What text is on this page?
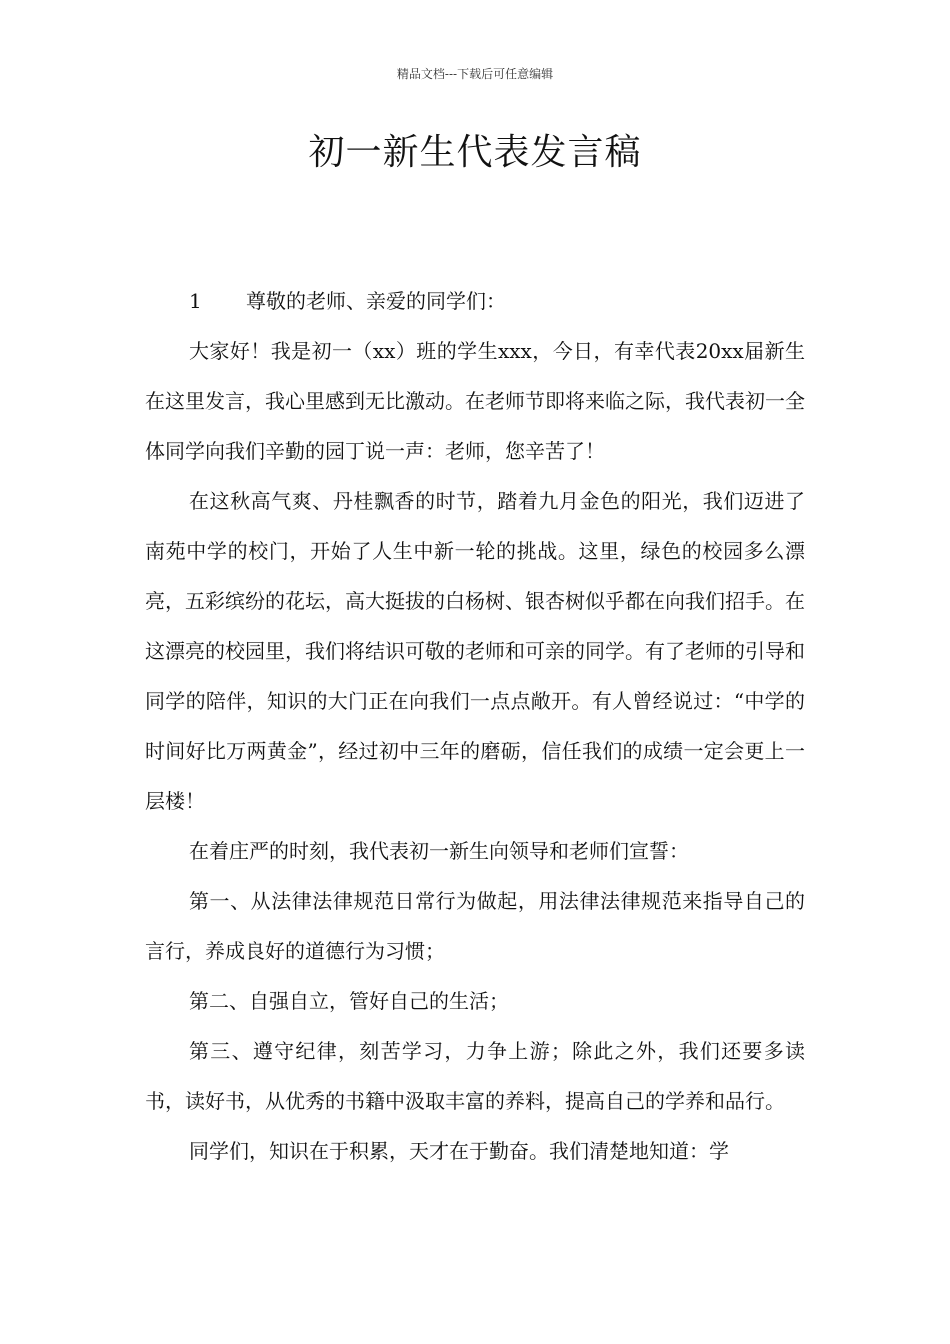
精品文档---下载后可任意编辑

初一新生代表发言稿

1 尊敬的老师、亲爱的同学们：

大家好！我是初一（xx）班的学生xxx，今日，有幸代表20xx届新生在这里发言，我心里感到无比激动。在老师节即将来临之际，我代表初一全体同学向我们辛勤的园丁说一声：老师，您辛苦了！

在这秋高气爽、丹桂飘香的时节，踏着九月金色的阳光，我们迈进了南苑中学的校门，开始了人生中新一轮的挑战。这里，绿色的校园多么漂亮，五彩缤纷的花坛，高大挺拔的白杨树、银杏树似乎都在向我们招手。在这漂亮的校园里，我们将结识可敬的老师和可亲的同学。有了老师的引导和同学的陪伴，知识的大门正在向我们一点点敞开。有人曾经说过：“中学的时间好比万两黄金”，经过初中三年的磨砺，信任我们的成绩一定会更上一层楼！

在着庄严的时刻，我代表初一新生向领导和老师们宣誓：

第一、从法律法律规范日常行为做起，用法律法律规范来指导自己的言行，养成良好的道德行为习惯；

第二、自强自立，管好自己的生活；

第三、遵守纪律，刻苦学习，力争上游；除此之外，我们还要多读书，读好书，从优秀的书籍中汲取丰富的养料，提高自己的学养和品行。

同学们，知识在于积累，天才在于勤奋。我们清楚地知道：学
